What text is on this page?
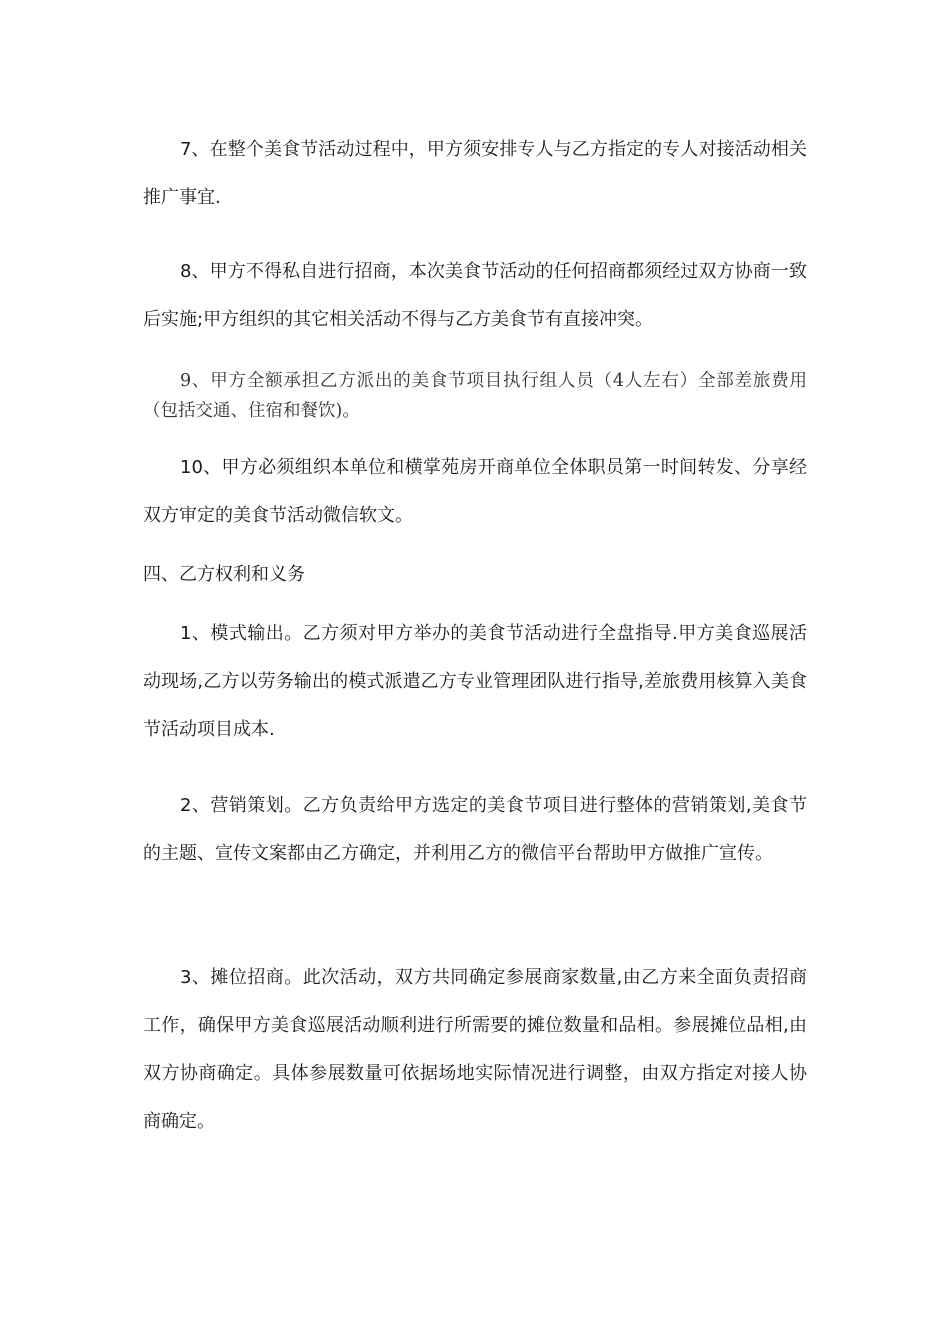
7、在整个美食节活动过程中，甲方须安排专人与乙方指定的专人对接活动相关推广事宜.

8、甲方不得私自进行招商，本次美食节活动的任何招商都须经过双方协商一致后实施;甲方组织的其它相关活动不得与乙方美食节有直接冲突。

9、甲方全额承担乙方派出的美食节项目执行组人员（4人左右）全部差旅费用（包括交通、住宿和餐饮)。

10、甲方必须组织本单位和横掌苑房开商单位全体职员第一时间转发、分享经双方审定的美食节活动微信软文。

四、乙方权利和义务

1、模式输出。乙方须对甲方举办的美食节活动进行全盘指导.甲方美食巡展活动现场,乙方以劳务输出的模式派遣乙方专业管理团队进行指导,差旅费用核算入美食节活动项目成本.

2、营销策划。乙方负责给甲方选定的美食节项目进行整体的营销策划,美食节的主题、宣传文案都由乙方确定，并利用乙方的微信平台帮助甲方做推广宣传。

3、摊位招商。此次活动，双方共同确定参展商家数量,由乙方来全面负责招商工作，确保甲方美食巡展活动顺利进行所需要的摊位数量和品相。参展摊位品相,由双方协商确定。具体参展数量可依据场地实际情况进行调整，由双方指定对接人协商确定。
